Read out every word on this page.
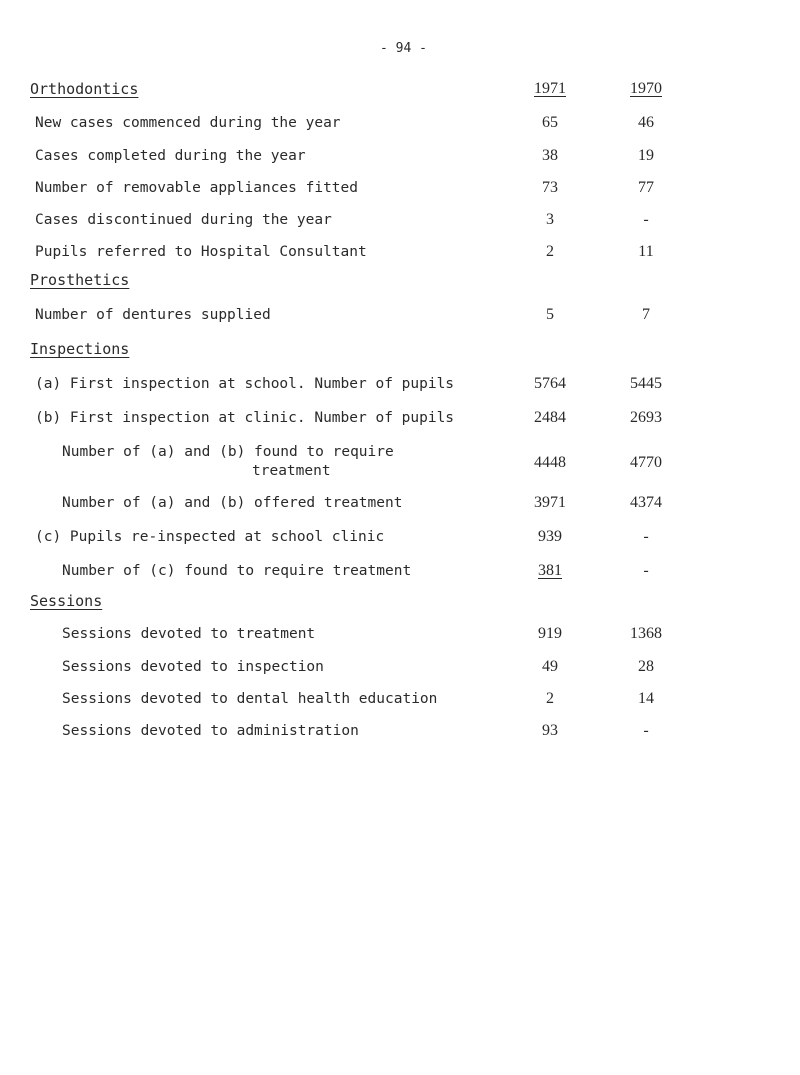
- 94 -
Orthodontics	1971	1970
New cases commenced during the year	65	46
Cases completed during the year	38	19
Number of removable appliances fitted	73	77
Cases discontinued during the year	3	-
Pupils referred to Hospital Consultant	2	11
Prosthetics
Number of dentures supplied	5	7
Inspections
(a) First inspection at school. Number of pupils	5764	5445
(b) First inspection at clinic. Number of pupils	2484	2693
Number of (a) and (b) found to require
treatment	4448	4770
Number of (a) and (b) offered treatment	3971	4374
(c) Pupils re-inspected at school clinic	939	-
Number of (c) found to require treatment	381	-
Sessions
Sessions devoted to treatment	919	1368
Sessions devoted to inspection	49	28
Sessions devoted to dental health education	2	14
Sessions devoted to administration	93	-
